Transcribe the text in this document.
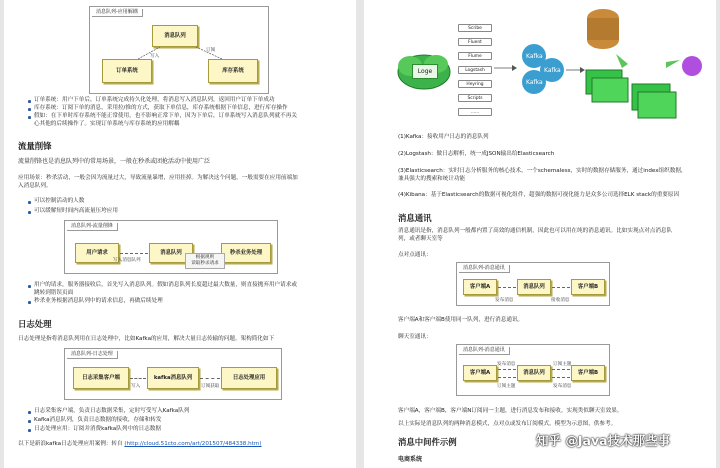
消息队列-应用解耦
消息队列
订单系统	库存系统
写入
订阅
订单系统：用户下单后，订单系统完成持久化处理，将消息写入消息队列，返回用户订单下单成功
库存系统：订阅下单的消息，采用拉/推的方式，获取下单信息，库存系统根据下单信息，进行库存操作
假如：在下单时库存系统不能正常使用，也不影响正常下单，因为下单后，订单系统写入消息队列就不再关
心其他的后续操作了。实现订单系统与库存系统的应用解耦
流量削锋
流量削锋也是消息队列中的常用场景，一般在秒杀或团抢活动中使用广泛
应用场景：秒杀活动，一般会因为流量过大，导致流量暴增，应用挂掉。为解决这个问题，一般需要在应用前端加
入消息队列。
可以控制活动的人数
可以缓解短时间内高流量压垮应用
消息队列-流量削锋
用户请求	消息队列	秒杀业务处理
写入消息队列
根据规则
读取秒杀请求
用户的请求，服务器接收后，首先写入消息队列。假如消息队列长度超过最大数量，则直接抛弃用户请求或
跳转到错误页面
秒杀业务根据消息队列中的请求信息，再做后续处理
日志处理
日志处理是指将消息队列用在日志处理中，比如Kafka的应用，解决大量日志传输的问题。架构简化如下
消息队列-日志处理
日志采集客户端	kafka消息队列	日志处理应用
写入	订阅获取
日志采集客户端，负责日志数据采集，定时写受写入Kafka队列
Kafka消息队列，负责日志数据的接收，存储和转发
日志处理应用：订阅并消费kafka队列中的日志数据
以下是新浪kafka日志处理应用案例：转自 (http://cloud.51cto.com/art/201507/484338.htm)
Loge
Scribe
Fluent
Flume
Logstash
Heyring
Scripts
......
Kafka
Kafka
Kafka
(1)Kafka：接收用户日志的消息队列
(2)Logstash：做日志解析，统一成JSON输出给Elasticsearch
(3)Elasticsearch：实时日志分析服务的核心技术，一个schemaless，实时的数据存储服务，通过index组织数据，
兼具强大的搜索和统计功能
(4)Kibana：基于Elasticsearch的数据可视化组件，超强的数据可视化能力是众多公司选择ELK stack的重要原因
消息通讯
消息通讯是指，消息队列一般都内置了高效的通信机制，因此也可以用在纯的消息通讯。比如实现点对点消息队
列，或者聊天室等
点对点通讯：
消息队列-消息通讯
客户端A	消息队列	客户端B
发布消息	接收消息
客户端A和客户端B使用同一队列，进行消息通讯。
聊天室通讯：
消息队列-消息通讯
客户端A	消息队列	客户端B
发布消息
订阅主题
订阅主题
发布消息
客户端A，客户端B，客户端N订阅同一主题，进行消息发布和接收。实现类似聊天室效果。
以上实际是消息队列的两种消息模式，点对点或发布订阅模式。模型为示意图，供参考。
消息中间件示例
电商系统
知乎 @Java技术那些事
